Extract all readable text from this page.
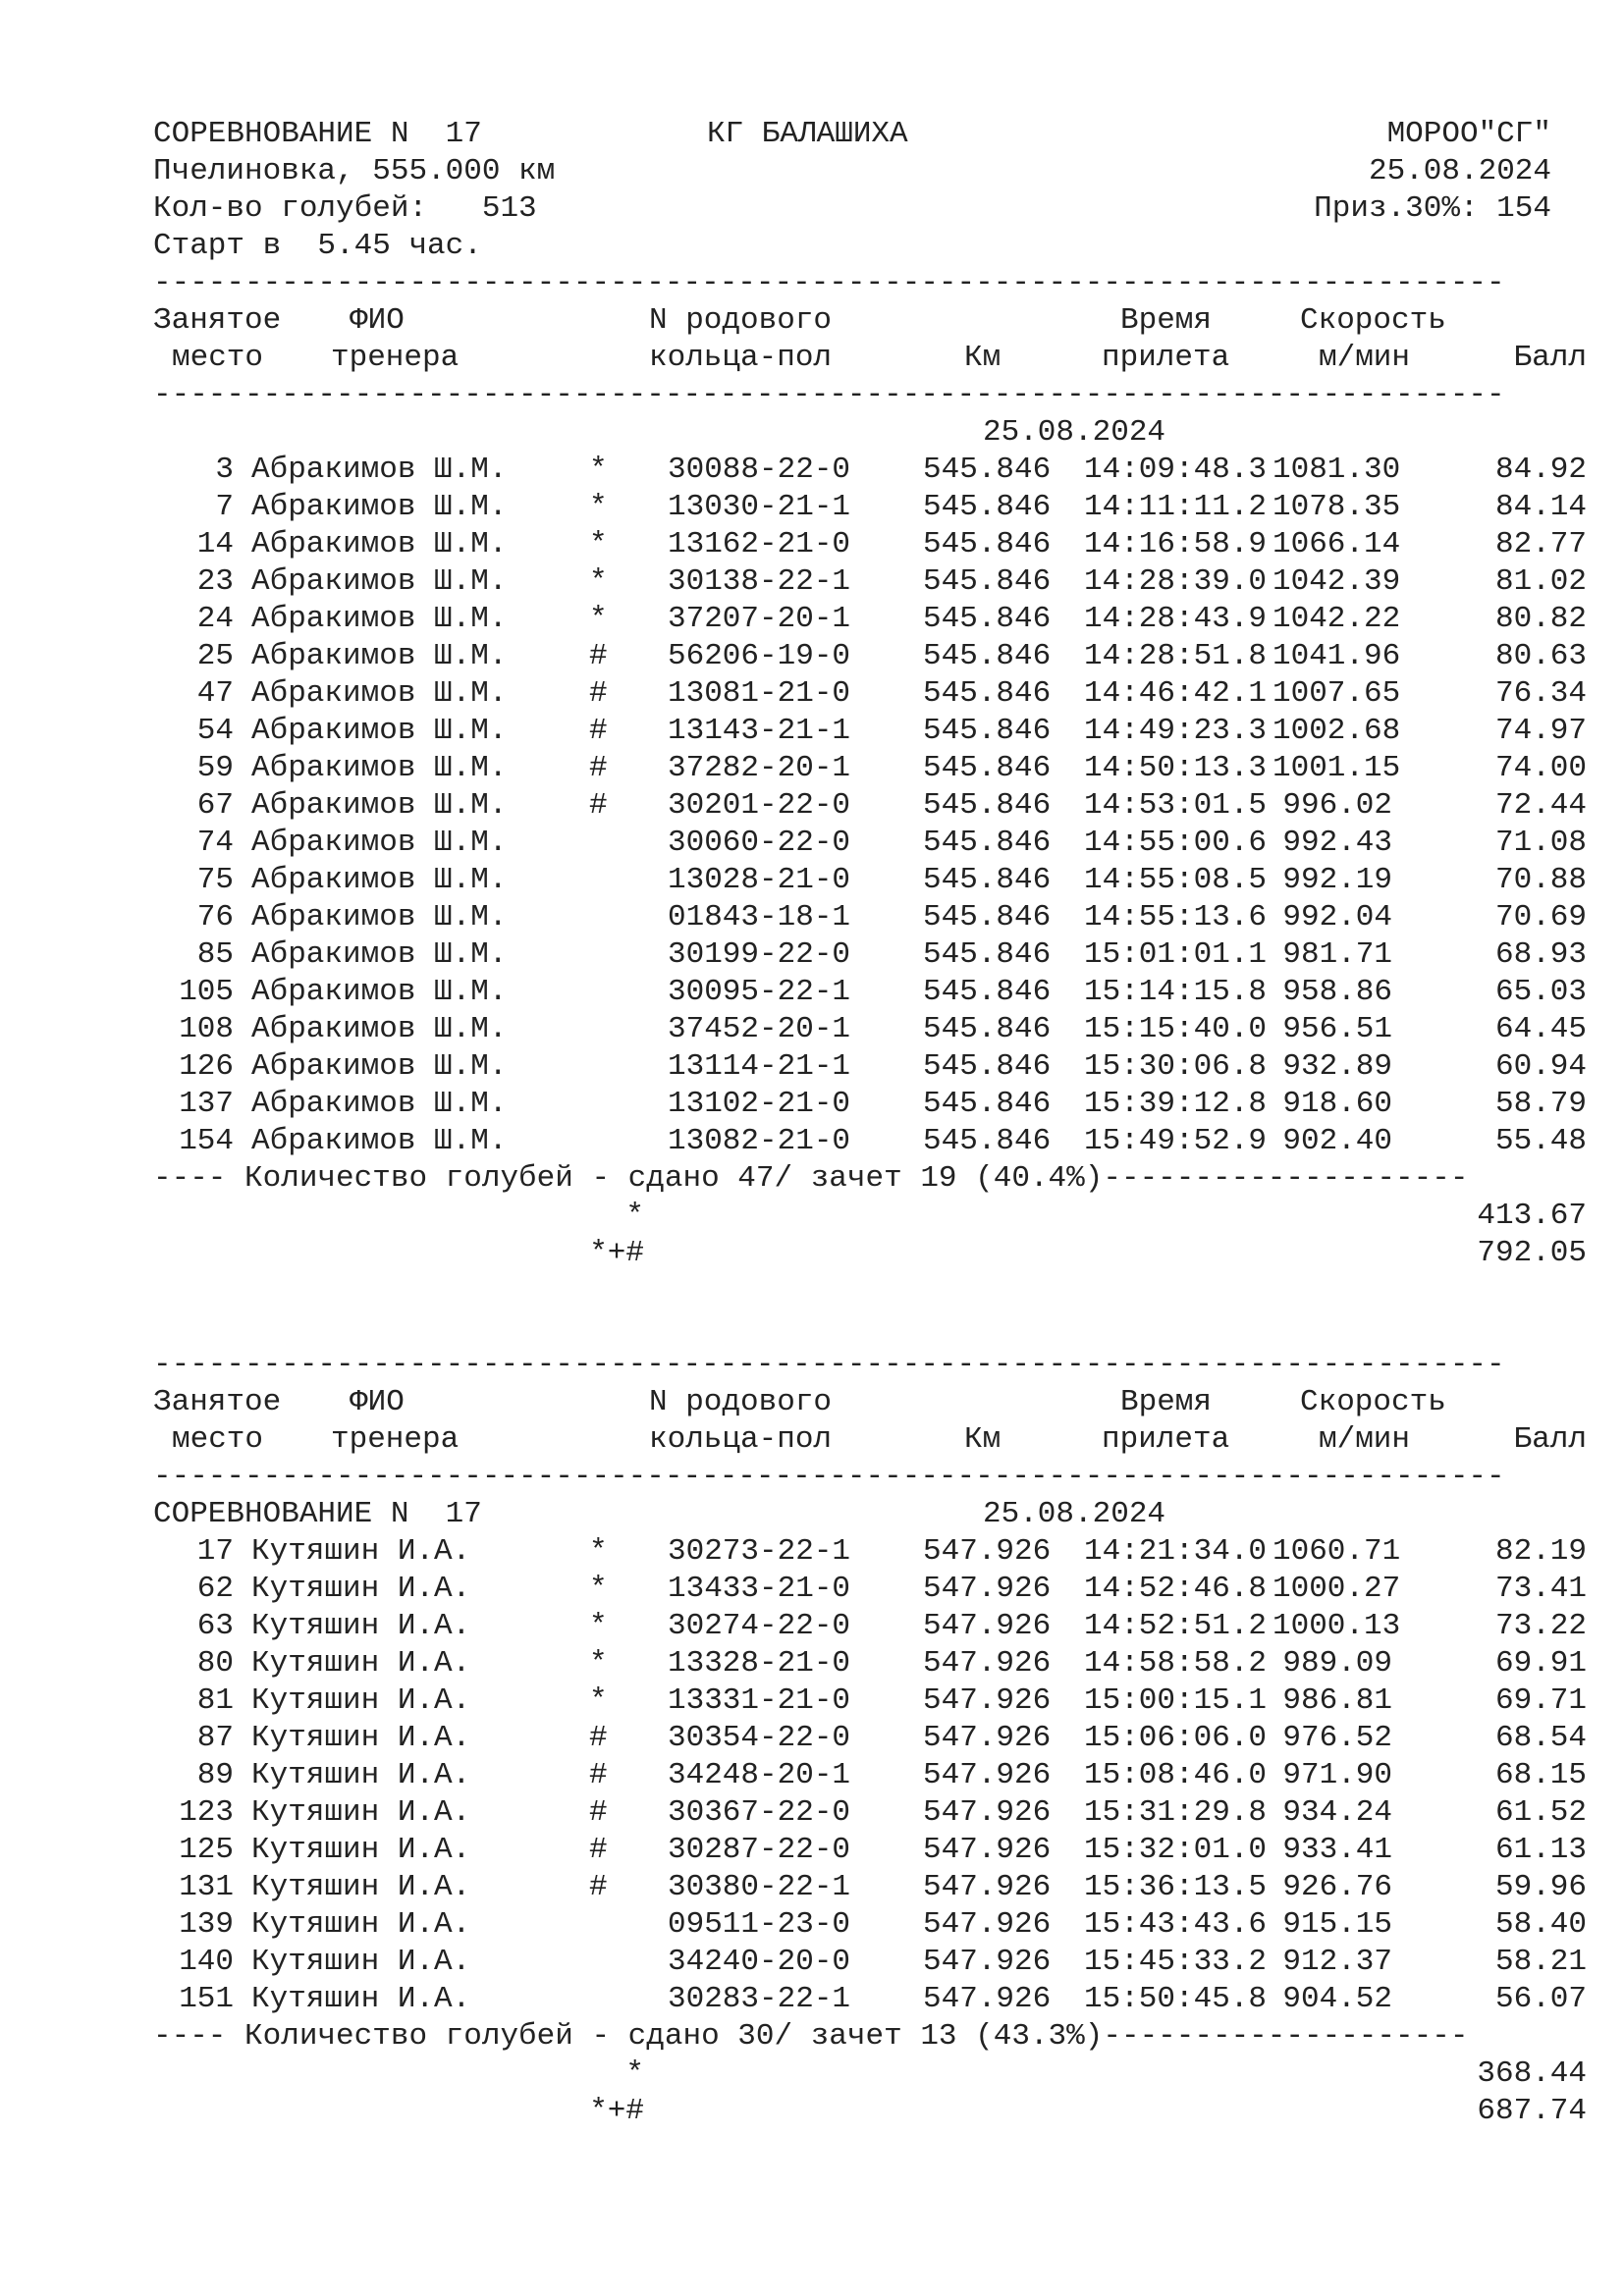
СОРЕВНОВАНИЕ N  17

	КГ БАЛАШИХА

	МОРОО"СГ"

Пчелиновка, 555.000 км

	25.08.2024

Кол-во голубей:   513

	Приз.30%: 154

Старт в  5.45 час.

--------------------------------------------------------------------------
Занятое ФИО	N родового	Время	Скорость
место тренера	кольца-пол	Км	прилета	м/мин	Балл
--------------------------------------------------------------------------
25.08.2024
3 Абракимов Ш.М.	* 30088-22-0 545.846 14:09:48.3 1081.30	84.92
7 Абракимов Ш.М.	* 13030-21-1 545.846 14:11:11.2 1078.35	84.14
14 Абракимов Ш.М.	* 13162-21-0 545.846 14:16:58.9 1066.14	82.77
23 Абракимов Ш.М.	* 30138-22-1 545.846 14:28:39.0 1042.39	81.02
24 Абракимов Ш.М.	* 37207-20-1 545.846 14:28:43.9 1042.22	80.82
25 Абракимов Ш.М.	# 56206-19-0 545.846 14:28:51.8 1041.96	80.63
47 Абракимов Ш.М.	# 13081-21-0 545.846 14:46:42.1 1007.65	76.34
54 Абракимов Ш.М.	# 13143-21-1 545.846 14:49:23.3 1002.68	74.97
59 Абракимов Ш.М.	# 37282-20-1 545.846 14:50:13.3 1001.15	74.00
67 Абракимов Ш.М.	# 30201-22-0 545.846 14:53:01.5 996.02	72.44
74 Абракимов Ш.М.	30060-22-0 545.846 14:55:00.6 992.43	71.08
75 Абракимов Ш.М.	13028-21-0 545.846 14:55:08.5 992.19	70.88
76 Абракимов Ш.М.	01843-18-1 545.846 14:55:13.6 992.04	70.69
85 Абракимов Ш.М.	30199-22-0 545.846 15:01:01.1 981.71	68.93
105 Абракимов Ш.М.	30095-22-1 545.846 15:14:15.8 958.86	65.03
108 Абракимов Ш.М.	37452-20-1 545.846 15:15:40.0 956.51	64.45
126 Абракимов Ш.М.	13114-21-1 545.846 15:30:06.8 932.89	60.94
137 Абракимов Ш.М.	13102-21-0 545.846 15:39:12.8 918.60	58.79
154 Абракимов Ш.М.	13082-21-0 545.846 15:49:52.9 902.40	55.48
---- Количество голубей - сдано 47/ зачет 19 (40.4%)--------------------
*	413.67
*+#	792.05
--------------------------------------------------------------------------
Занятое ФИО	N родового	Время	Скорость
место тренера	кольца-пол	Км	прилета	м/мин	Балл
--------------------------------------------------------------------------
СОРЕВНОВАНИЕ N  17	25.08.2024
17 Кутяшин И.А.	* 30273-22-1 547.926 14:21:34.0 1060.71	82.19
62 Кутяшин И.А.	* 13433-21-0 547.926 14:52:46.8 1000.27	73.41
63 Кутяшин И.А.	* 30274-22-0 547.926 14:52:51.2 1000.13	73.22
80 Кутяшин И.А.	* 13328-21-0 547.926 14:58:58.2 989.09	69.91
81 Кутяшин И.А.	* 13331-21-0 547.926 15:00:15.1 986.81	69.71
87 Кутяшин И.А.	# 30354-22-0 547.926 15:06:06.0 976.52	68.54
89 Кутяшин И.А.	# 34248-20-1 547.926 15:08:46.0 971.90	68.15
123 Кутяшин И.А.	# 30367-22-0 547.926 15:31:29.8 934.24	61.52
125 Кутяшин И.А.	# 30287-22-0 547.926 15:32:01.0 933.41	61.13
131 Кутяшин И.А.	# 30380-22-1 547.926 15:36:13.5 926.76	59.96
139 Кутяшин И.А.	09511-23-0 547.926 15:43:43.6 915.15	58.40
140 Кутяшин И.А.	34240-20-0 547.926 15:45:33.2 912.37	58.21
151 Кутяшин И.А.	30283-22-1 547.926 15:50:45.8 904.52	56.07
---- Количество голубей - сдано 30/ зачет 13 (43.3%)--------------------
*	368.44
*+#	687.74
